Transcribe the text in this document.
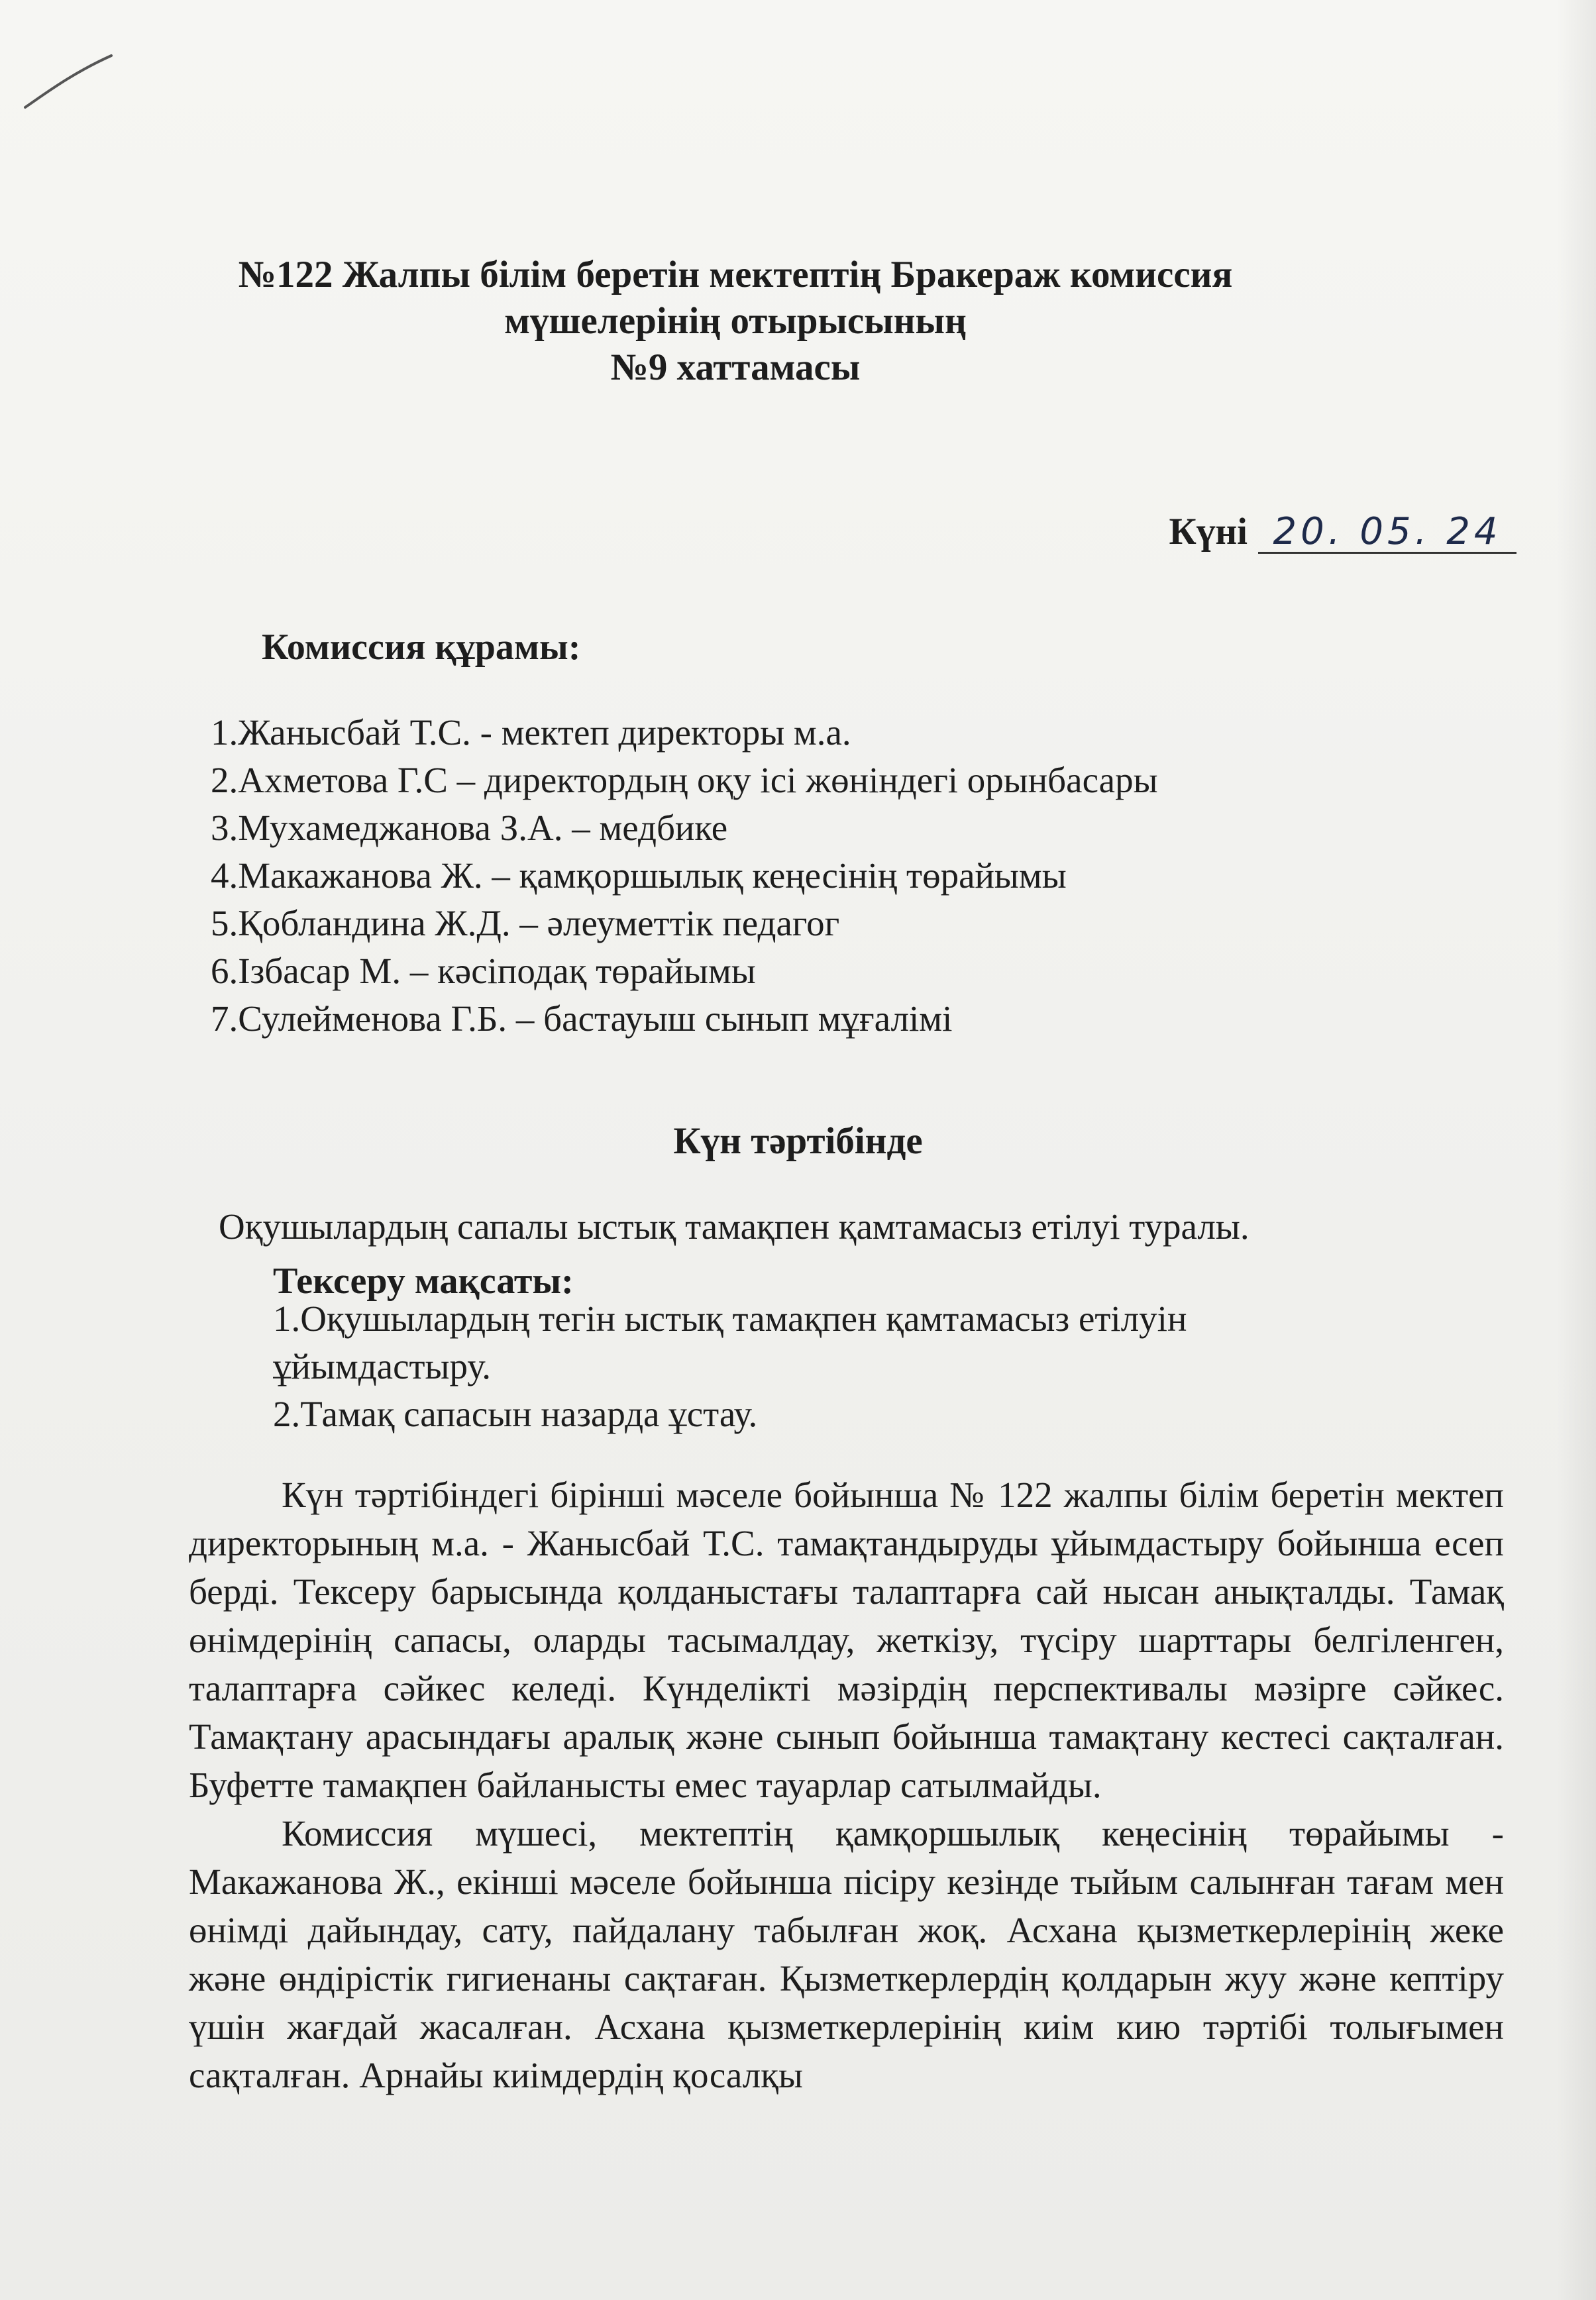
№122 Жалпы білім беретін мектептің Бракераж комиссия
мүшелерінің отырысының
№9 хаттамасы
Күні 20. 05. 24
Комиссия құрамы:
1.Жанысбай Т.С. - мектеп директоры м.а.
2.Ахметова Г.С – директордың оқу ісі жөніндегі орынбасары
3.Мухамеджанова З.А. – медбике
4.Макажанова Ж. – қамқоршылық кеңесінің төрайымы
5.Қобландина Ж.Д. – әлеуметтік педагог
6.Ізбасар М. – кәсіподақ төрайымы
7.Сулейменова Г.Б. – бастауыш сынып мұғалімі
Күн тәртібінде
Оқушылардың сапалы ыстық тамақпен қамтамасыз етілуі туралы.
Тексеру мақсаты:
1.Оқушылардың тегін ыстық тамақпен қамтамасыз етілуін ұйымдастыру.
2.Тамақ сапасын назарда ұстау.

Күн тәртібіндегі бірінші мәселе бойынша № 122 жалпы білім беретін мектеп директорының м.а. - Жанысбай Т.С. тамақтандыруды ұйымдастыру бойынша есеп берді. Тексеру барысында қолданыстағы талаптарға сай нысан анықталды. Тамақ өнімдерінің сапасы, оларды тасымалдау, жеткізу, түсіру шарттары белгіленген, талаптарға сәйкес келеді. Күнделікті мәзірдің перспективалы мәзірге сәйкес. Тамақтану арасындағы аралық және сынып бойынша тамақтану кестесі сақталған. Буфетте тамақпен байланысты емес тауарлар сатылмайды.

Комиссия мүшесі, мектептің қамқоршылық кеңесінің төрайымы - Макажанова Ж., екінші мәселе бойынша пісіру кезінде тыйым салынған тағам мен өнімді дайындау, сату, пайдалану табылған жоқ. Асхана қызметкерлерінің жеке және өндірістік гигиенаны сақтаған. Қызметкерлердің қолдарын жуу және кептіру үшін жағдай жасалған. Асхана қызметкерлерінің киім кию тәртібі толығымен сақталған. Арнайы киімдердің қосалқы
